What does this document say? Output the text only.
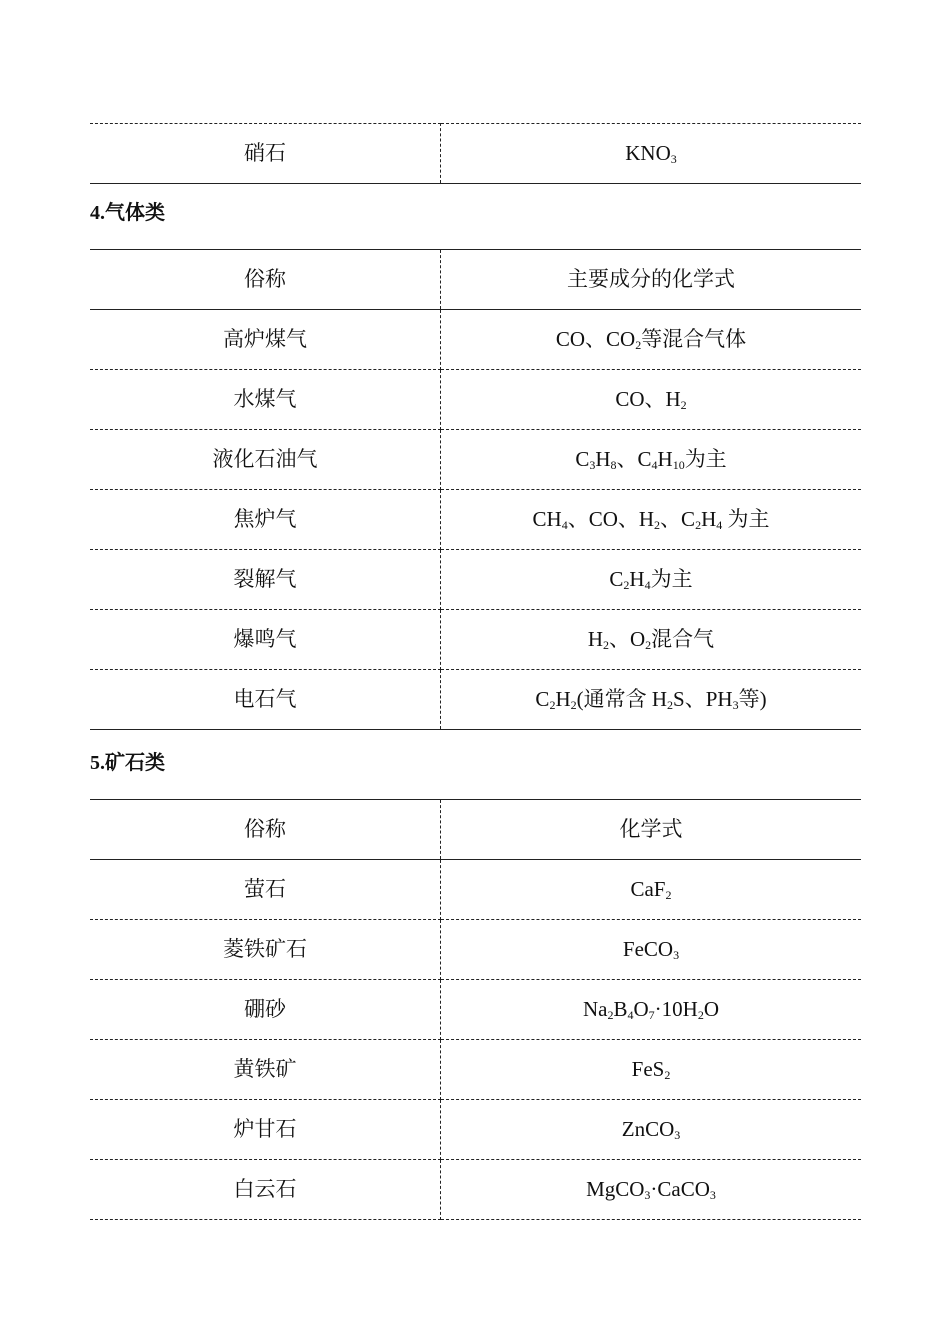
硝石	$KNO_3$
4.气体类
俗称	主要成分的化学式
高炉煤气	CO、$CO_2$等混合气体
水煤气	CO、$H_2$
液化石油气	$C_3H_8$、$C_4H_{10}$为主
焦炉气	$CH_4$、CO、$H_2$、$C_2H_4$ 为主
裂解气	$C_2H_4$为主
爆鸣气	$H_2$、$O_2$混合气
电石气	$C_2H_2$(通常含 $H_2S$、$PH_3$等)
5.矿石类
俗称	化学式
萤石	CaF$_2$
菱铁矿石	FeCO$_3$
硼砂	$Na_2B_4O_7\cdot 10H_2O$
黄铁矿	FeS$_2$
炉甘石	ZnCO$_3$
白云石	MgCO$_3$·CaCO$_3$
